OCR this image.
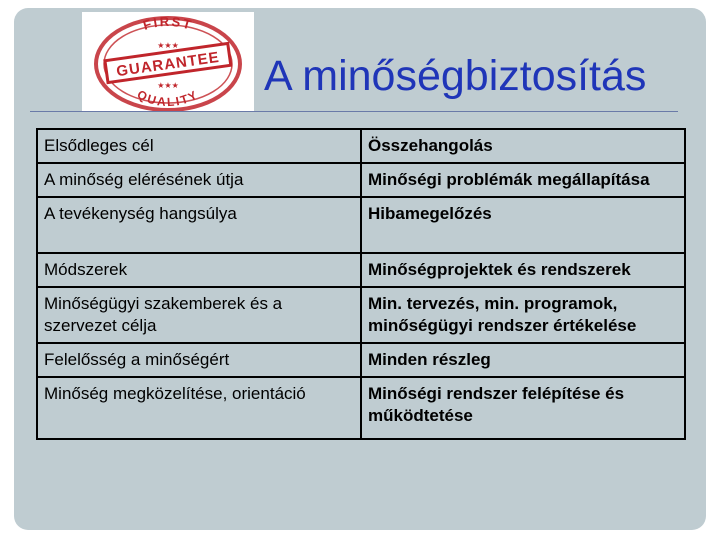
FIRST
QUALITY
★★★
GUARANTEE
★★★ A minőségbiztosítás
Elsődleges cél	Összehangolás
A minőség elérésének útja	Minőségi problémák megállapítása
A tevékenység hangsúlya	Hibamegelőzés
Módszerek	Minőségprojektek és rendszerek
Minőségügyi szakemberek és a szervezet célja	Min. tervezés, min. programok, minőségügyi rendszer értékelése
Felelősség a minőségért	Minden részleg
Minőség megközelítése, orientáció	Minőségi rendszer felépítése és működtetése
